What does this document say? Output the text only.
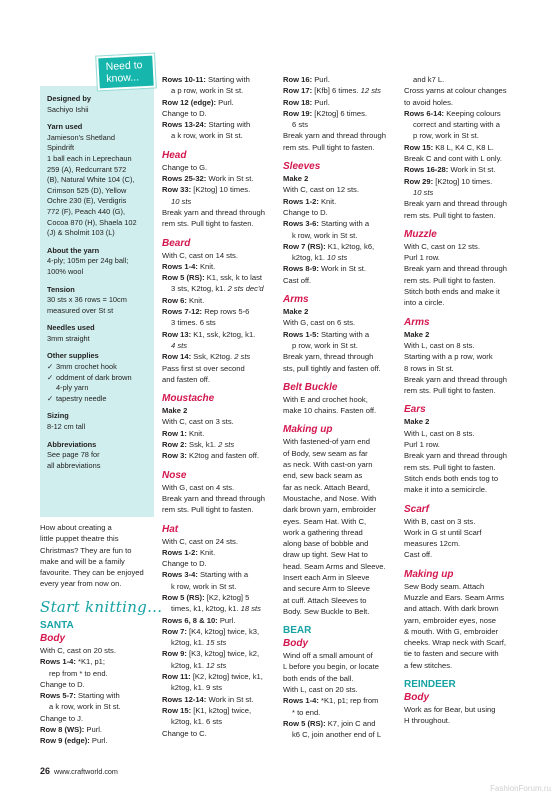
Designed by

Sachiyo Ishii

Yarn used

Jamieson's Shetland

Spindrift

1 ball each in Leprechaun

259 (A), Redcurrant 572

(B), Natural White 104 (C),

Crimson 525 (D), Yellow

Ochre 230 (E), Verdigris

772 (F), Peach 440 (G),

Cocoa 870 (H), Shaela 102

(J) & Sholmit 103 (L)

About the yarn

4-ply; 105m per 24g ball;

100% wool

Tension

30 sts x 36 rows = 10cm

measured over St st

Needles used

3mm straight

Other supplies

✓ 3mm crochet hook

✓ oddment of dark brown

4-ply yarn

✓ tapestry needle

Sizing

8-12 cm tall

Abbreviations

See page 78 for

all abbreviations

Need to
know...

How about creating a

little puppet theatre this

Christmas? They are fun to

make and will be a family

favourite. They can be enjoyed

every year from now on.

Start knitting...
SANTA
Body

With C, cast on 20 sts.

Rows 1-4: *K1, p1;

rep from * to end.

Change to D.

Rows 5-7: Starting with

a k row, work in St st.

Change to J.

Row 8 (WS): Purl.

Row 9 (edge): Purl.

Rows 10-11: Starting with

a p row, work in St st.

Row 12 (edge): Purl.

Change to D.

Rows 13-24: Starting with

a k row, work in St st.

Head

Change to G.

Rows 25-32: Work in St st.

Row 33: [K2tog] 10 times.

10 sts

Break yarn and thread through

rem sts. Pull tight to fasten.

Beard

With C, cast on 14 sts.

Rows 1-4: Knit.

Row 5 (RS): K1, ssk, k to last

3 sts, K2tog, k1. 2 sts dec'd

Row 6: Knit.

Rows 7-12: Rep rows 5-6

3 times. 6 sts

Row 13: K1, ssk, k2tog, k1.

4 sts

Row 14: Ssk, K2tog. 2 sts

Pass first st over second

and fasten off.

Moustache

Make 2

With C, cast on 3 sts.

Row 1: Knit.

Row 2: Ssk, k1. 2 sts

Row 3: K2tog and fasten off.

Nose

With G, cast on 4 sts.

Break yarn and thread through

rem sts. Pull tight to fasten.

Hat

With C, cast on 24 sts.

Rows 1-2: Knit.

Change to D.

Rows 3-4: Starting with a

k row, work in St st.

Row 5 (RS): [K2, k2tog] 5

times, k1, k2tog, k1. 18 sts

Rows 6, 8 & 10: Purl.

Row 7: [K4, k2tog] twice, k3,

k2tog, k1. 15 sts

Row 9: [K3, k2tog] twice, k2,

k2tog, k1. 12 sts

Row 11: [K2, k2tog] twice, k1,

k2tog, k1. 9 sts

Rows 12-14: Work in St st.

Row 15: [K1, k2tog] twice,

k2tog, k1. 6 sts

Change to C.

Row 16: Purl.

Row 17: [Kfb] 6 times. 12 sts

Row 18: Purl.

Row 19: [K2tog] 6 times.

6 sts

Break yarn and thread through

rem sts. Pull tight to fasten.

Sleeves

Make 2

With C, cast on 12 sts.

Rows 1-2: Knit.

Change to D.

Rows 3-6: Starting with a

k row, work in St st.

Row 7 (RS): K1, k2tog, k6,

k2tog, k1. 10 sts

Rows 8-9: Work in St st.

Cast off.

Arms

Make 2

With G, cast on 6 sts.

Rows 1-5: Starting with a

p row, work in St st.

Break yarn, thread through

sts, pull tightly and fasten off.

Belt Buckle

With E and crochet hook,

make 10 chains. Fasten off.

Making up

With fastened-of yarn end

of Body, sew seam as far

as neck. With cast-on yarn

end, sew back seam as

far as neck. Attach Beard,

Moustache, and Nose. With

dark brown yarn, embroider

eyes. Seam Hat. With C,

work a gathering thread

along base of bobble and

draw up tight. Sew Hat to

head. Seam Arms and Sleeve.

Insert each Arm in Sleeve

and secure Arm to Sleeve

at cuff. Attach Sleeves to

Body. Sew Buckle to Belt.

BEAR
Body

Wind off a small amount of

L before you begin, or locate

both ends of the ball.

With L, cast on 20 sts.

Rows 1-4: *K1, p1; rep from

* to end.

Row 5 (RS): K7, join C and

k6 C, join another end of L

and k7 L.

Cross yarns at colour changes

to avoid holes.

Rows 6-14: Keeping colours

correct and starting with a

p row, work in St st.

Row 15: K8 L, K4 C, K8 L.

Break C and cont with L only.

Rows 16-28: Work in St st.

Row 29: [K2tog] 10 times.

10 sts

Break yarn and thread through

rem sts. Pull tight to fasten.

Muzzle

With C, cast on 12 sts.

Purl 1 row.

Break yarn and thread through

rem sts. Pull tight to fasten.

Stitch both ends and make it

into a circle.

Arms

Make 2

With L, cast on 8 sts.

Starting with a p row, work

8 rows in St st.

Break yarn and thread through

rem sts. Pull tight to fasten.

Ears

Make 2

With L, cast on 8 sts.

Purl 1 row.

Break yarn and thread through

rem sts. Pull tight to fasten.

Stitch ends both ends tog to

make it into a semicircle.

Scarf

With B, cast on 3 sts.

Work in G st until Scarf

measures 12cm.

Cast off.

Making up

Sew Body seam. Attach

Muzzle and Ears. Seam Arms

and attach. With dark brown

yarn, embroider eyes, nose

& mouth. With G, embroider

cheeks. Wrap neck with Scarf,

tie to fasten and secure with

a few stitches.

REINDEER
Body

Work as for Bear, but using

H throughout.

26 www.craftworld.com
FashionForum.ru
